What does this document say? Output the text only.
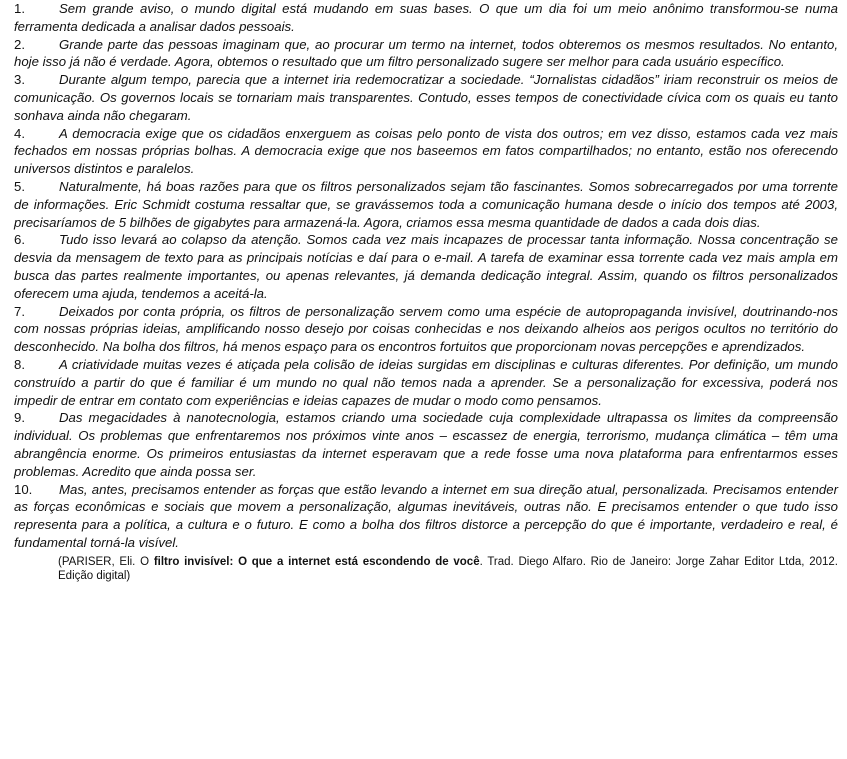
1.	Sem grande aviso, o mundo digital está mudando em suas bases. O que um dia foi um meio anônimo transformou-se numa ferramenta dedicada a analisar dados pessoais.

2.	Grande parte das pessoas imaginam que, ao procurar um termo na internet, todos obteremos os mesmos resultados. No entanto, hoje isso já não é verdade. Agora, obtemos o resultado que um filtro personalizado sugere ser melhor para cada usuário específico.

3.	Durante algum tempo, parecia que a internet iria redemocratizar a sociedade. “Jornalistas cidadãos” iriam reconstruir os meios de comunicação. Os governos locais se tornariam mais transparentes. Contudo, esses tempos de conectividade cívica com os quais eu tanto sonhava ainda não chegaram.

4.	A democracia exige que os cidadãos enxerguem as coisas pelo ponto de vista dos outros; em vez disso, estamos cada vez mais fechados em nossas próprias bolhas. A democracia exige que nos baseemos em fatos compartilhados; no entanto, estão nos oferecendo universos distintos e paralelos.

5.	Naturalmente, há boas razões para que os filtros personalizados sejam tão fascinantes. Somos sobrecarregados por uma torrente de informações. Eric Schmidt costuma ressaltar que, se gravássemos toda a comunicação humana desde o início dos tempos até 2003, precisaríamos de 5 bilhões de gigabytes para armazená-la. Agora, criamos essa mesma quantidade de dados a cada dois dias.

6.	Tudo isso levará ao colapso da atenção. Somos cada vez mais incapazes de processar tanta informação. Nossa concentração se desvia da mensagem de texto para as principais notícias e daí para o e-mail. A tarefa de examinar essa torrente cada vez mais ampla em busca das partes realmente importantes, ou apenas relevantes, já demanda dedicação integral. Assim, quando os filtros personalizados oferecem uma ajuda, tendemos a aceitá-la.

7.	Deixados por conta própria, os filtros de personalização servem como uma espécie de autopropaganda invisível, doutrinando-nos com nossas próprias ideias, amplificando nosso desejo por coisas conhecidas e nos deixando alheios aos perigos ocultos no território do desconhecido. Na bolha dos filtros, há menos espaço para os encontros fortuitos que proporcionam novas percepções e aprendizados.

8.	A criatividade muitas vezes é atiçada pela colisão de ideias surgidas em disciplinas e culturas diferentes. Por definição, um mundo construído a partir do que é familiar é um mundo no qual não temos nada a aprender. Se a personalização for excessiva, poderá nos impedir de entrar em contato com experiências e ideias capazes de mudar o modo como pensamos.

9.	Das megacidades à nanotecnologia, estamos criando uma sociedade cuja complexidade ultrapassa os limites da compreensão individual. Os problemas que enfrentaremos nos próximos vinte anos – escassez de energia, terrorismo, mudança climática – têm uma abrangência enorme. Os primeiros entusiastas da internet esperavam que a rede fosse uma nova plataforma para enfrentarmos esses problemas. Acredito que ainda possa ser.

10. Mas, antes, precisamos entender as forças que estão levando a internet em sua direção atual, personalizada. Precisamos entender as forças econômicas e sociais que movem a personalização, algumas inevitáveis, outras não. E precisamos entender o que tudo isso representa para a política, a cultura e o futuro. E como a bolha dos filtros distorce a percepção do que é importante, verdadeiro e real, é fundamental torná-la visível.

(PARISER, Eli. O filtro invisível: O que a internet está escondendo de você. Trad. Diego Alfaro. Rio de Janeiro: Jorge Zahar Editor Ltda, 2012. Edição digital)
